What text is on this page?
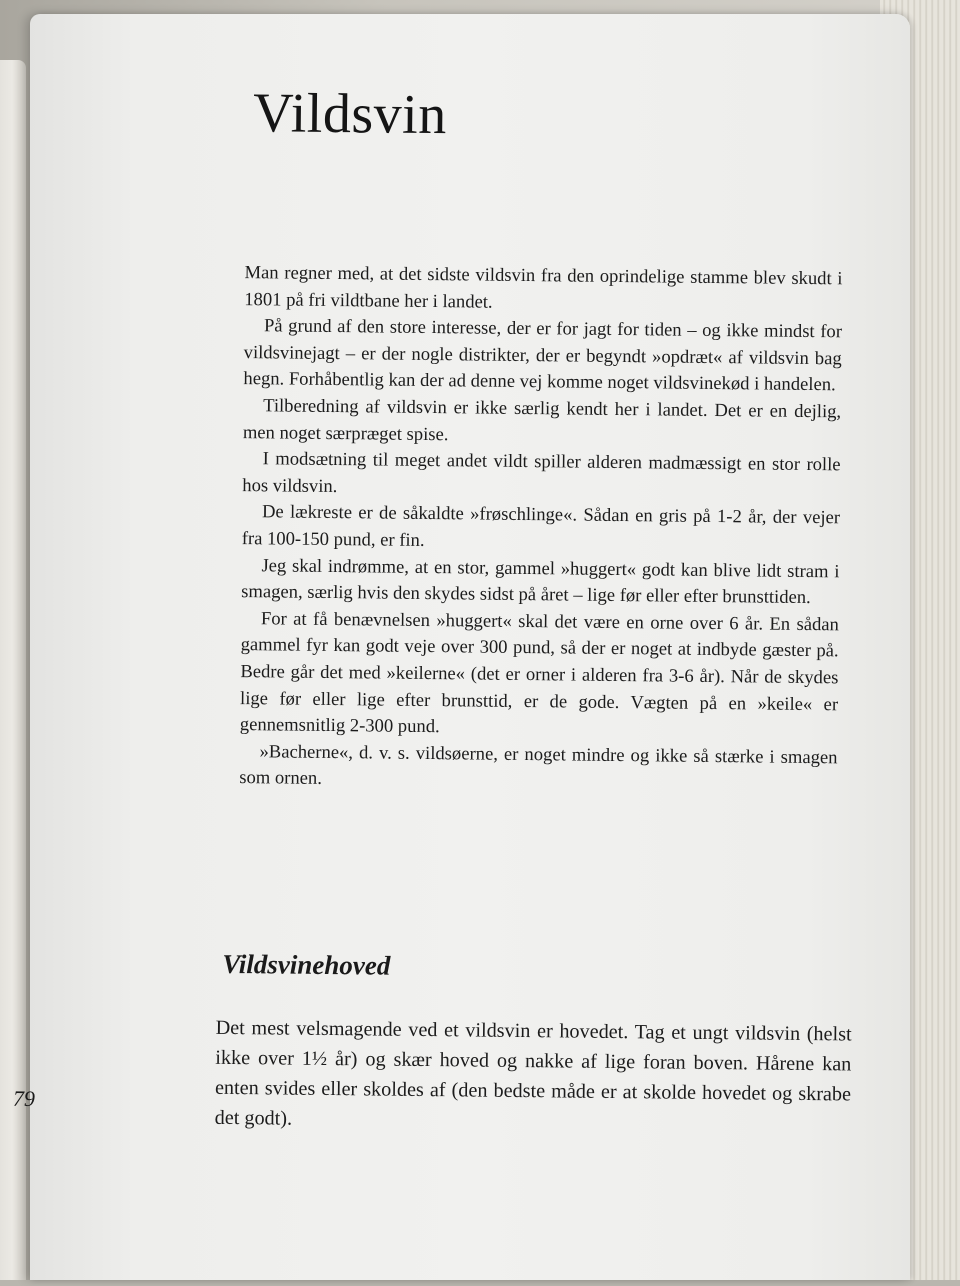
Vildsvin

Man regner med, at det sidste vildsvin fra den oprindelige stamme blev skudt i 1801 på fri vildtbane her i landet.

På grund af den store interesse, der er for jagt for tiden – og ikke mindst for vildsvinejagt – er der nogle distrikter, der er begyndt »opdræt« af vildsvin bag hegn. Forhåbentlig kan der ad denne vej komme noget vildsvinekød i handelen.

Tilberedning af vildsvin er ikke særlig kendt her i landet. Det er en dejlig, men noget særpræget spise.

I modsætning til meget andet vildt spiller alderen madmæssigt en stor rolle hos vildsvin.

De lækreste er de såkaldte »frøschlinge«. Sådan en gris på 1-2 år, der vejer fra 100-150 pund, er fin.

Jeg skal indrømme, at en stor, gammel »huggert« godt kan blive lidt stram i smagen, særlig hvis den skydes sidst på året – lige før eller efter brunsttiden.

For at få benævnelsen »huggert« skal det være en orne over 6 år. En sådan gammel fyr kan godt veje over 300 pund, så der er noget at indbyde gæster på. Bedre går det med »keilerne« (det er orner i alderen fra 3-6 år). Når de skydes lige før eller lige efter brunsttid, er de gode. Vægten på en »keile« er gennemsnitlig 2-300 pund.

»Bacherne«, d. v. s. vildsøerne, er noget mindre og ikke så stærke i smagen som ornen.

Vildsvinehoved

Det mest velsmagende ved et vildsvin er hovedet. Tag et ungt vildsvin (helst ikke over 1½ år) og skær hoved og nakke af lige foran boven. Hårene kan enten svides eller skoldes af (den bedste måde er at skolde hovedet og skrabe det godt).

79
